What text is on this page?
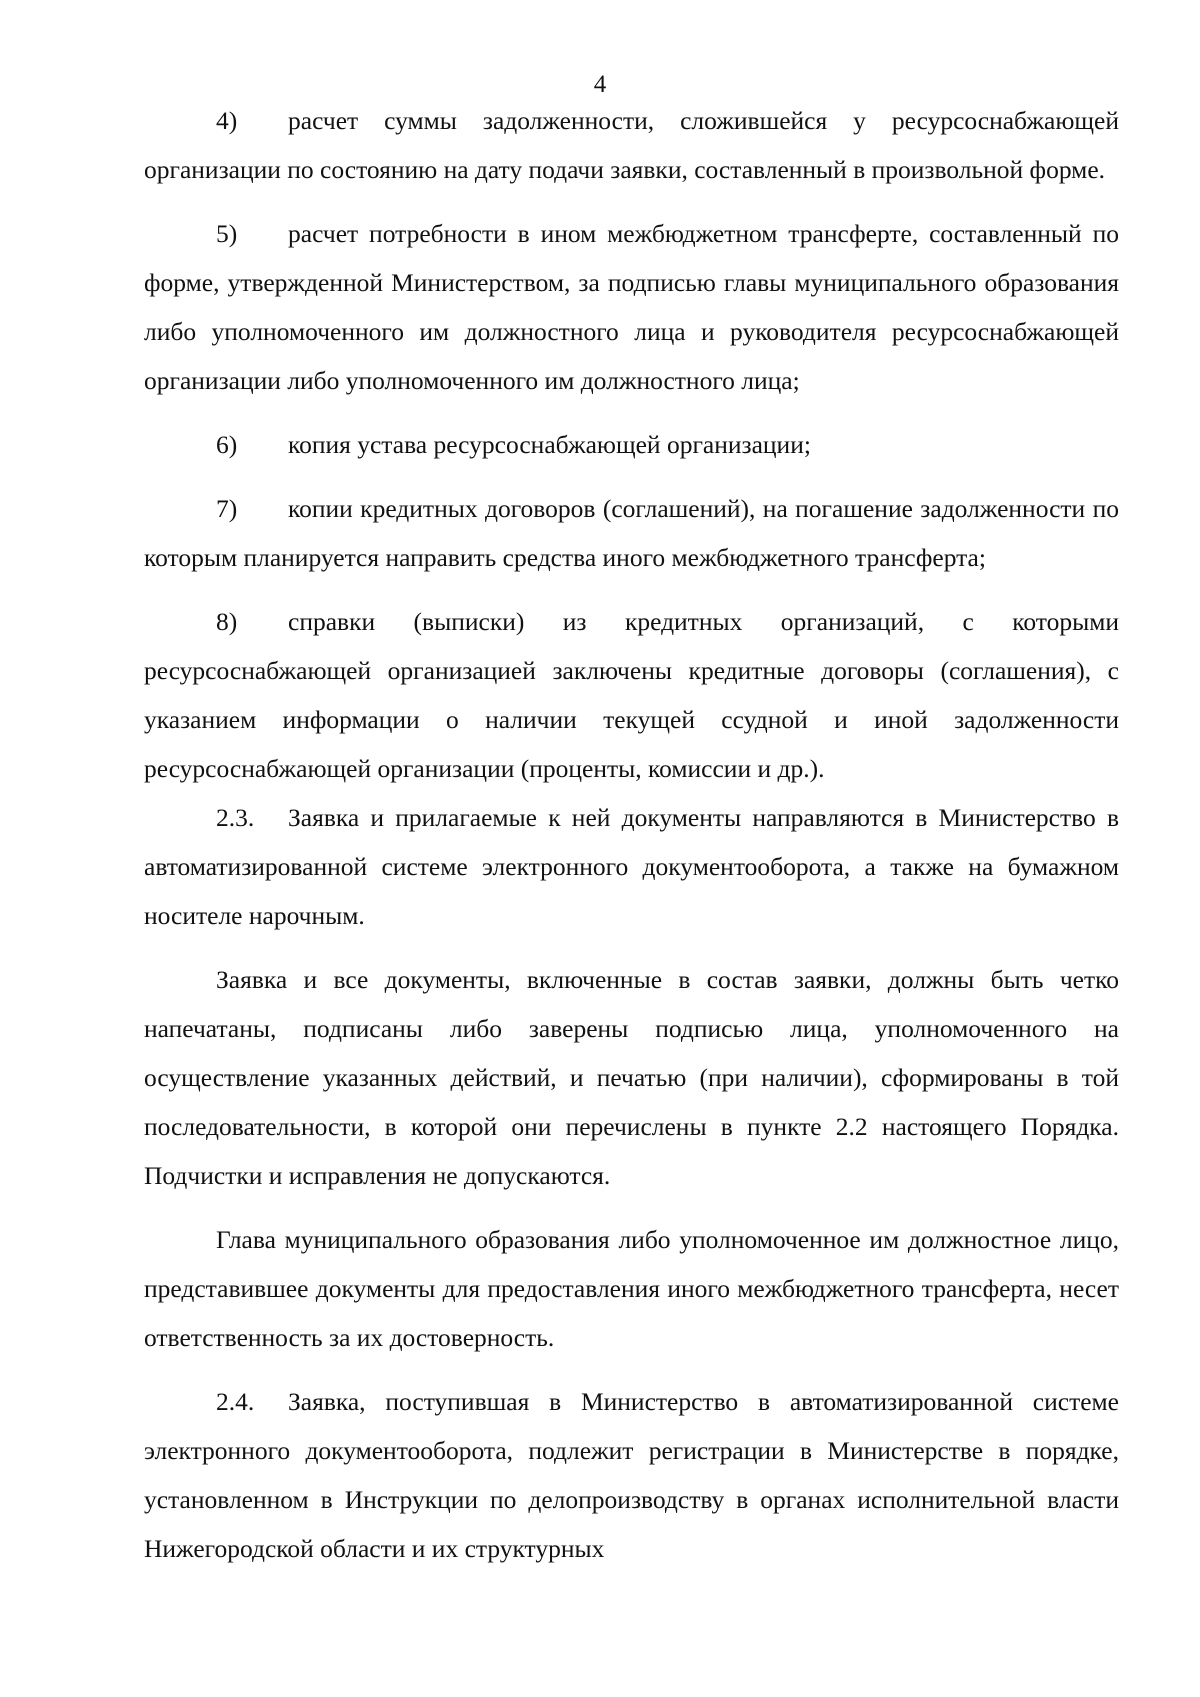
4

4) расчет суммы задолженности, сложившейся у ресурсоснабжающей организации по состоянию на дату подачи заявки, составленный в произвольной форме.

5) расчет потребности в ином межбюджетном трансферте, составленный по форме, утвержденной Министерством, за подписью главы муниципального образования либо уполномоченного им должностного лица и руководителя ресурсоснабжающей организации либо уполномоченного им должностного лица;

6) копия устава ресурсоснабжающей организации;

7) копии кредитных договоров (соглашений), на погашение задолженности по которым планируется направить средства иного межбюджетного трансферта;

8) справки (выписки) из кредитных организаций, с которыми ресурсоснабжающей организацией заключены кредитные договоры (соглашения), с указанием информации о наличии текущей ссудной и иной задолженности ресурсоснабжающей организации (проценты, комиссии и др.).

2.3. Заявка и прилагаемые к ней документы направляются в Министерство в автоматизированной системе электронного документооборота, а также на бумажном носителе нарочным.

Заявка и все документы, включенные в состав заявки, должны быть четко напечатаны, подписаны либо заверены подписью лица, уполномоченного на осуществление указанных действий, и печатью (при наличии), сформированы в той последовательности, в которой они перечислены в пункте 2.2 настоящего Порядка. Подчистки и исправления не допускаются.

Глава муниципального образования либо уполномоченное им должностное лицо, представившее документы для предоставления иного межбюджетного трансферта, несет ответственность за их достоверность.

2.4. Заявка, поступившая в Министерство в автоматизированной системе электронного документооборота, подлежит регистрации в Министерстве в порядке, установленном в Инструкции по делопроизводству в органах исполнительной власти Нижегородской области и их структурных
